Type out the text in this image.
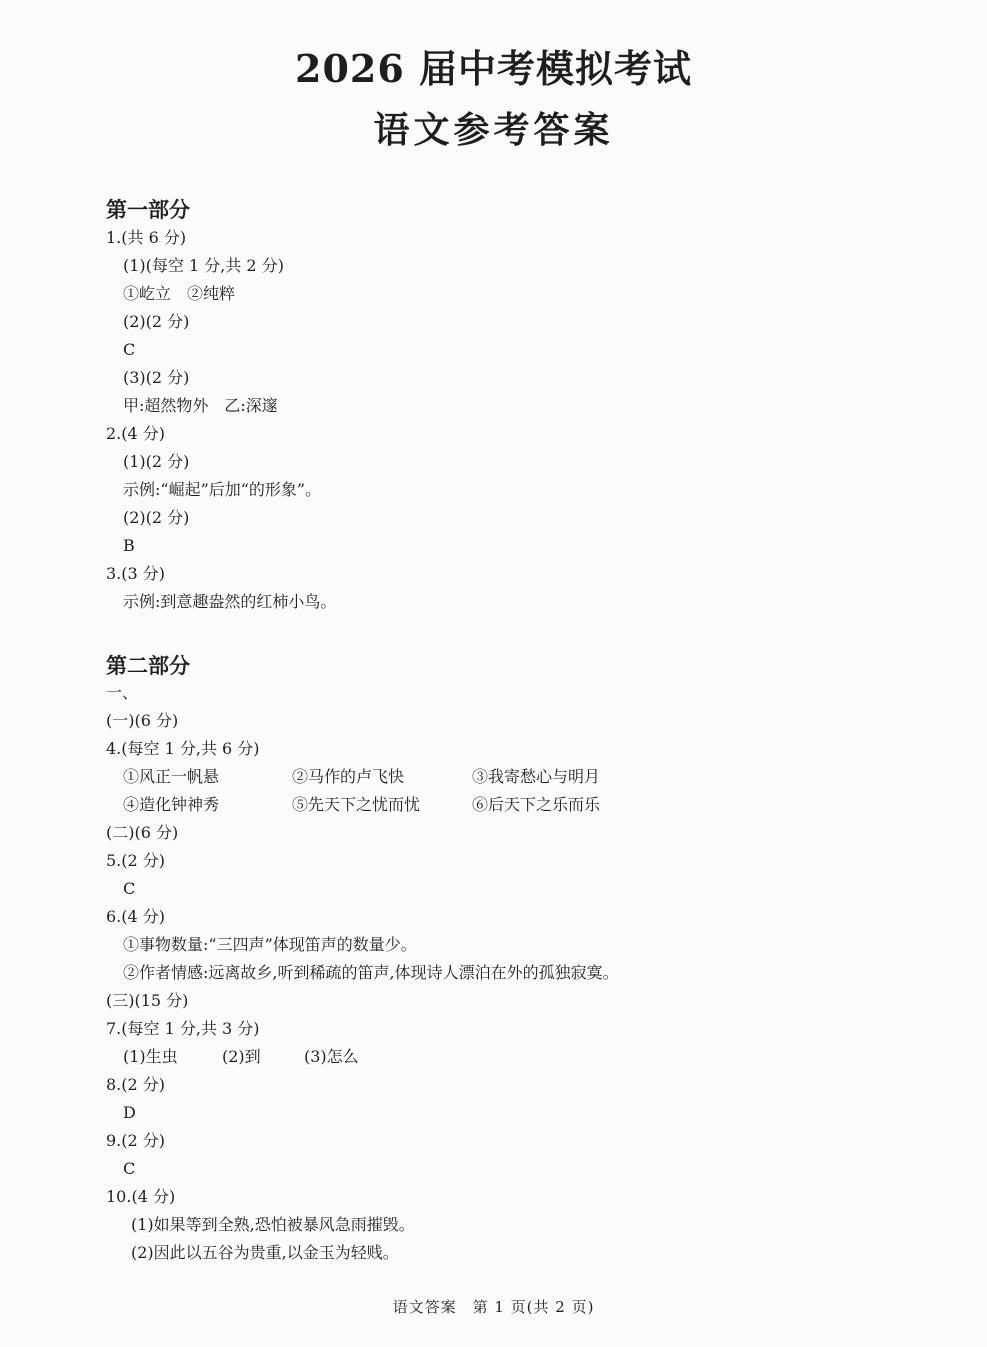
2026 届中考模拟考试
语文参考答案
第一部分
1.(共 6 分)
(1)(每空 1 分,共 2 分)
①屹立　②纯粹
(2)(2 分)
C
(3)(2 分)
甲:超然物外　乙:深邃
2.(4 分)
(1)(2 分)
示例:“崛起”后加“的形象”。
(2)(2 分)
B
3.(3 分)
示例:到意趣盎然的红柿小鸟。
第二部分
一、
(一)(6 分)
4.(每空 1 分,共 6 分)
①风正一帆悬	②马作的卢飞快	③我寄愁心与明月
④造化钟神秀	⑤先天下之忧而忧	⑥后天下之乐而乐
(二)(6 分)
5.(2 分)
C
6.(4 分)
①事物数量:“三四声”体现笛声的数量少。
②作者情感:远离故乡,听到稀疏的笛声,体现诗人漂泊在外的孤独寂寞。
(三)(15 分)
7.(每空 1 分,共 3 分)
(1)生虫	(2)到	(3)怎么
8.(2 分)
D
9.(2 分)
C
10.(4 分)
(1)如果等到全熟,恐怕被暴风急雨摧毁。
(2)因此以五谷为贵重,以金玉为轻贱。
语文答案　第 1 页(共 2 页)
